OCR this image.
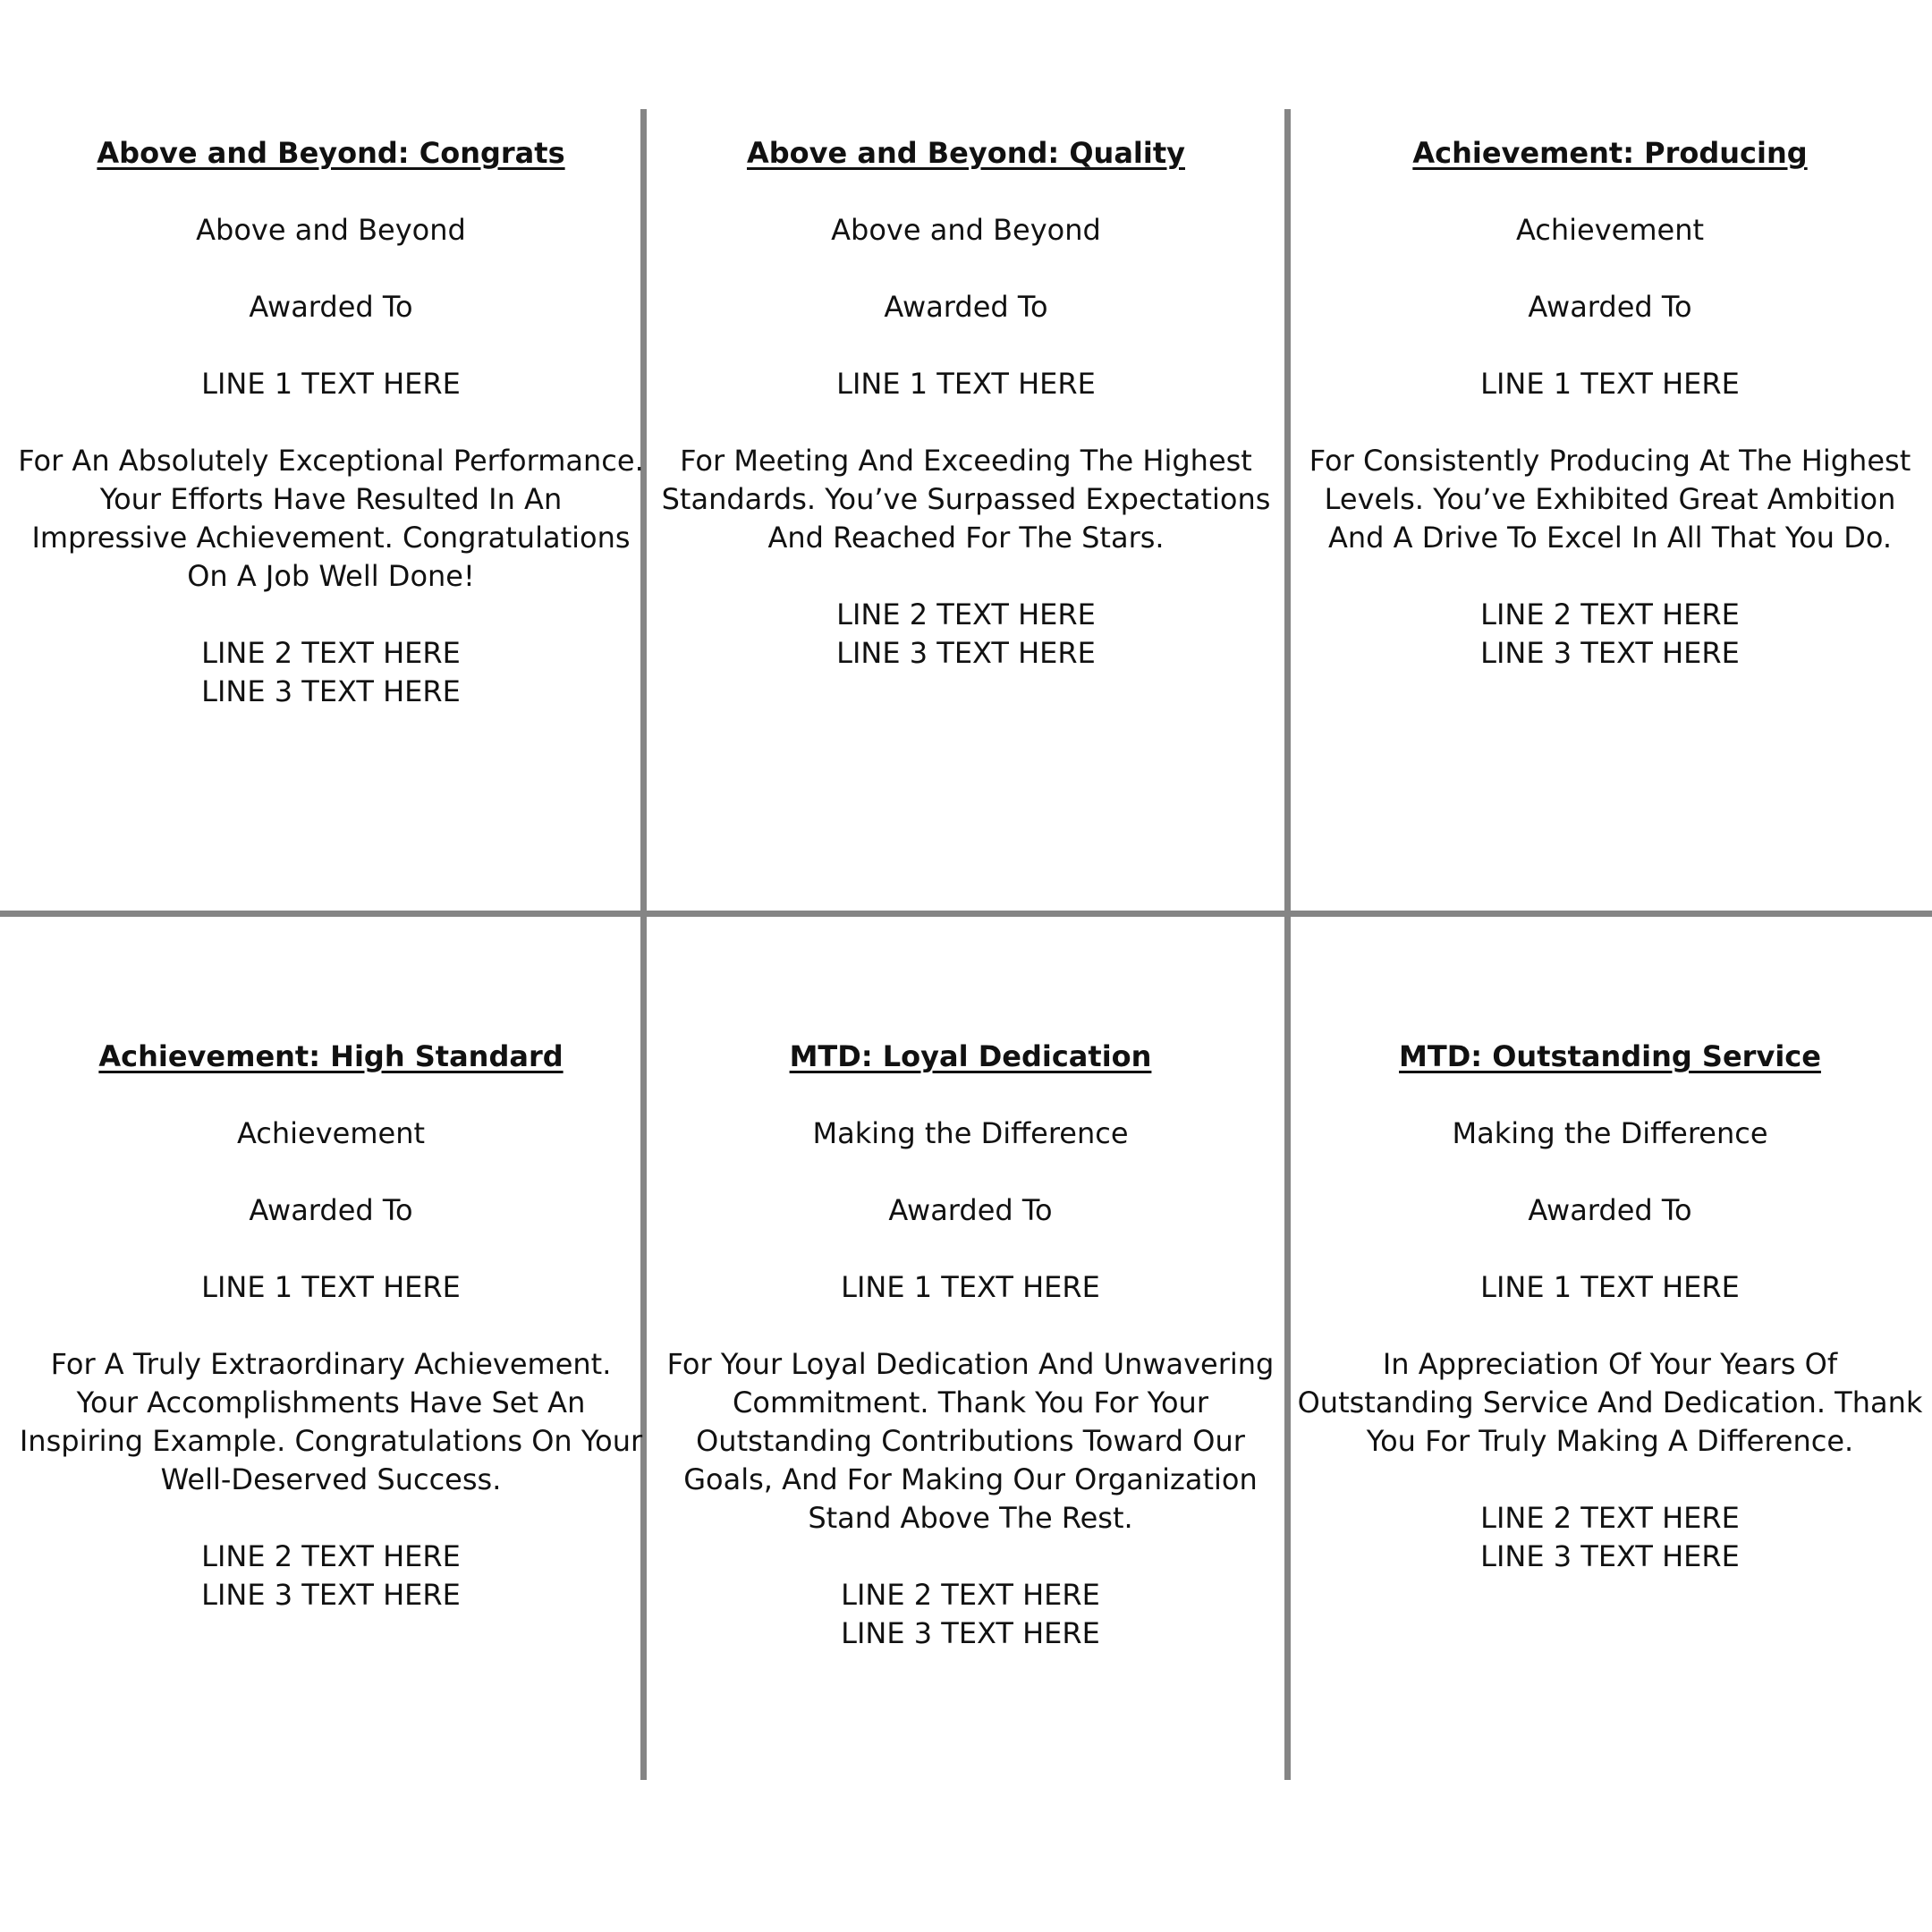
Above and Beyond: Congrats
Above and Beyond
Awarded To
LINE 1 TEXT HERE
For An Absolutely Exceptional Performance. Your Efforts Have Resulted In An Impressive Achievement. Congratulations On A Job Well Done!
LINE 2 TEXT HERE
LINE 3 TEXT HERE
Above and Beyond: Quality
Above and Beyond
Awarded To
LINE 1 TEXT HERE
For Meeting And Exceeding The Highest Standards. You’ve Surpassed Expectations And Reached For The Stars.
LINE 2 TEXT HERE
LINE 3 TEXT HERE
Achievement: Producing
Achievement
Awarded To
LINE 1 TEXT HERE
For Consistently Producing At The Highest Levels. You’ve Exhibited Great Ambition And A Drive To Excel In All That You Do.
LINE 2 TEXT HERE
LINE 3 TEXT HERE
Achievement: High Standard
Achievement
Awarded To
LINE 1 TEXT HERE
For A Truly Extraordinary Achievement. Your Accomplishments Have Set An Inspiring Example. Congratulations On Your Well-Deserved Success.
LINE 2 TEXT HERE
LINE 3 TEXT HERE
MTD: Loyal Dedication
Making the Difference
Awarded To
LINE 1 TEXT HERE
For Your Loyal Dedication And Unwavering Commitment. Thank You For Your Outstanding Contributions Toward Our Goals, And For Making Our Organization Stand Above The Rest.
LINE 2 TEXT HERE
LINE 3 TEXT HERE
MTD: Outstanding Service
Making the Difference
Awarded To
LINE 1 TEXT HERE
In Appreciation Of Your Years Of Outstanding Service And Dedication. Thank You For Truly Making A Difference.
LINE 2 TEXT HERE
LINE 3 TEXT HERE
